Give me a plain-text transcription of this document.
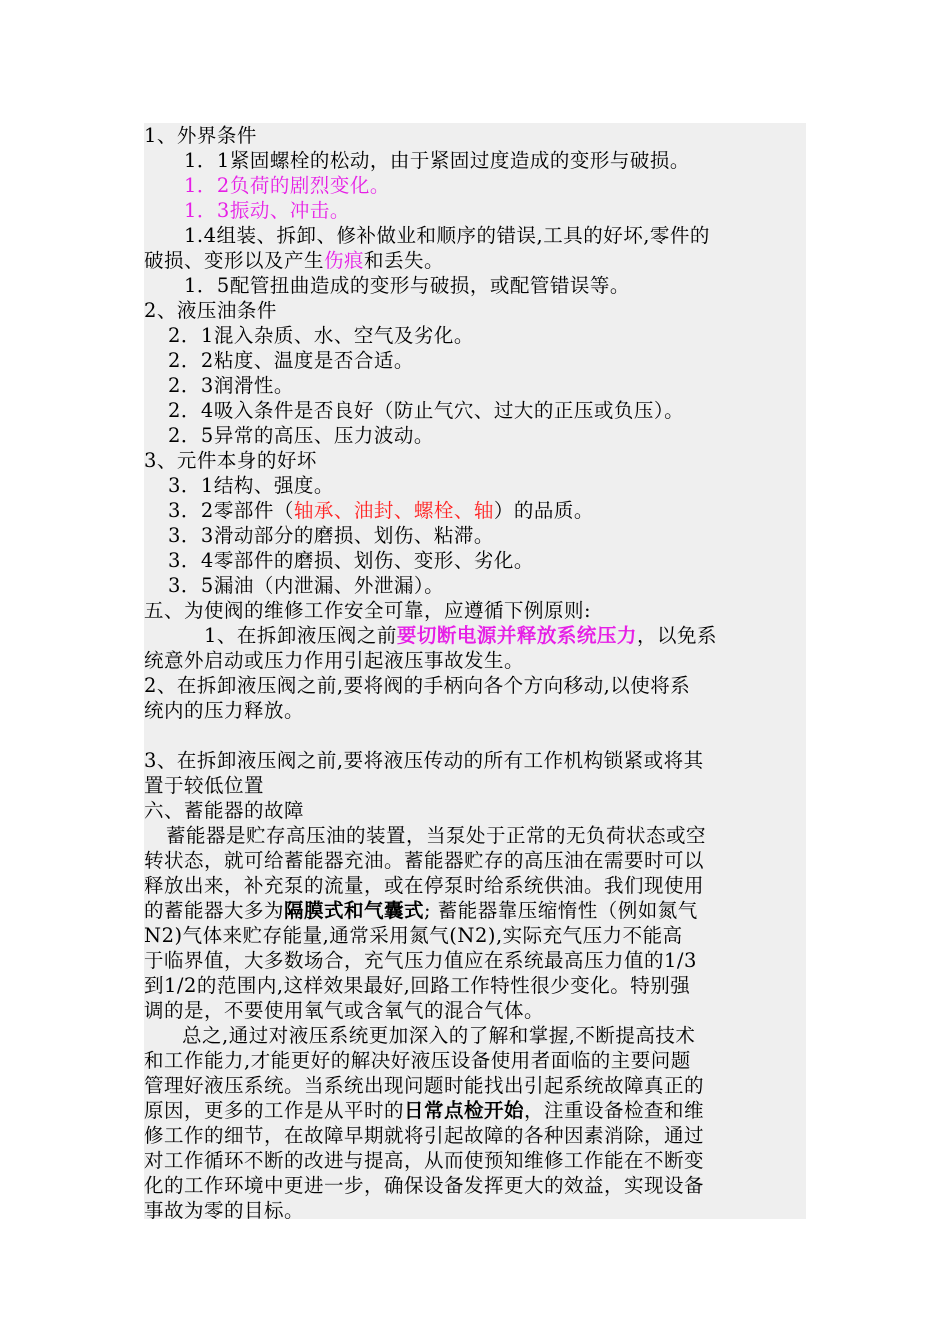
1、外界条件
1．1紧固螺栓的松动，由于紧固过度造成的变形与破损。
1．2负荷的剧烈变化。
1．3振动、冲击。
1.4组装、拆卸、修补做业和顺序的错误,工具的好坏,零件的
破损、变形以及产生伤痕和丢失。
1．5配管扭曲造成的变形与破损，或配管错误等。
2、液压油条件
2．1混入杂质、水、空气及劣化。
2．2粘度、温度是否合适。
2．3润滑性。
2．4吸入条件是否良好（防止气穴、过大的正压或负压）。
2．5异常的高压、压力波动。
3、元件本身的好坏
3．1结构、强度。
3．2零部件（轴承、油封、螺栓、轴）的品质。
3．3滑动部分的磨损、划伤、粘滞。
3．4零部件的磨损、划伤、变形、劣化。
3．5漏油（内泄漏、外泄漏）。
五、为使阀的维修工作安全可靠，应遵循下例原则:
1、在拆卸液压阀之前要切断电源并释放系统压力，以免系
统意外启动或压力作用引起液压事故发生。
2、在拆卸液压阀之前,要将阀的手柄向各个方向移动,以使将系
统内的压力释放。
3、在拆卸液压阀之前,要将液压传动的所有工作机构锁紧或将其
置于较低位置
六、蓄能器的故障
蓄能器是贮存高压油的装置，当泵处于正常的无负荷状态或空
转状态，就可给蓄能器充油。蓄能器贮存的高压油在需要时可以
释放出来，补充泵的流量，或在停泵时给系统供油。我们现使用
的蓄能器大多为隔膜式和气囊式; 蓄能器靠压缩惰性（例如氮气
N2)气体来贮存能量,通常采用氮气(N2),实际充气压力不能高
于临界值，大多数场合，充气压力值应在系统最高压力值的1/3
到1/2的范围内,这样效果最好,回路工作特性很少变化。特别强
调的是，不要使用氧气或含氧气的混合气体。
总之,通过对液压系统更加深入的了解和掌握,不断提高技术
和工作能力,才能更好的解决好液压设备使用者面临的主要问题
管理好液压系统。当系统出现问题时能找出引起系统故障真正的
原因，更多的工作是从平时的日常点检开始，注重设备检查和维
修工作的细节，在故障早期就将引起故障的各种因素消除，通过
对工作循环不断的改进与提高，从而使预知维修工作能在不断变
化的工作环境中更进一步，确保设备发挥更大的效益，实现设备
事故为零的目标。
